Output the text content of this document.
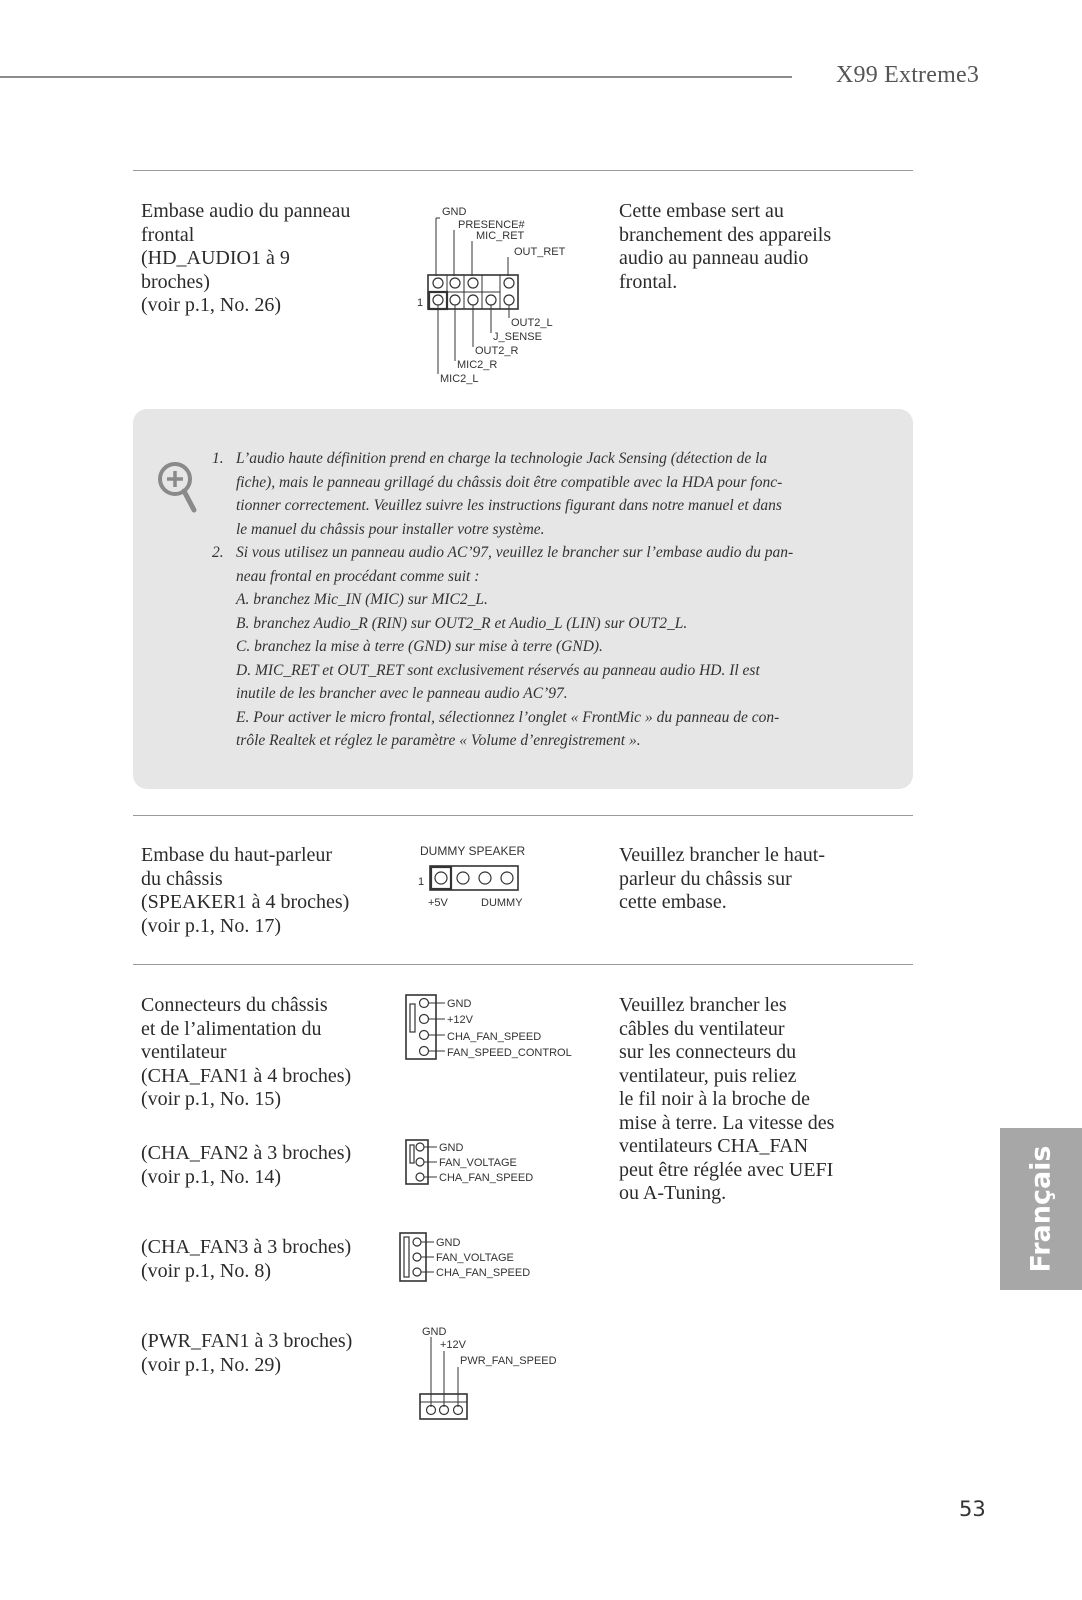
X99 Extreme3
Embase audio du panneau
frontal
(HD_AUDIO1 à 9
broches)
(voir p.1, No. 26)
GND
PRESENCE#
MIC_RET
OUT_RET
1
OUT2_L
J_SENSE
OUT2_R
MIC2_R
MIC2_L
Cette embase sert au
branchement des appareils
audio au panneau audio
frontal.
1. L’audio haute définition prend en charge la technologie Jack Sensing (détection de la
fiche), mais le panneau grillagé du châssis doit être compatible avec la HDA pour fonc-
tionner correctement. Veuillez suivre les instructions figurant dans notre manuel et dans
le manuel du châssis pour installer votre système.
2. Si vous utilisez un panneau audio AC’97, veuillez le brancher sur l’embase audio du pan-
neau frontal en procédant comme suit :
A. branchez Mic_IN (MIC) sur MIC2_L.
B. branchez Audio_R (RIN) sur OUT2_R et Audio_L (LIN) sur OUT2_L.
C. branchez la mise à terre (GND) sur mise à terre (GND).
D. MIC_RET et OUT_RET sont exclusivement réservés au panneau audio HD. Il est
inutile de les brancher avec le panneau audio AC’97.
E. Pour activer le micro frontal, sélectionnez l’onglet « FrontMic » du panneau de con-
trôle Realtek et réglez le paramètre « Volume d’enregistrement ».
Embase du haut-parleur
du châssis
(SPEAKER1 à 4 broches)
(voir p.1, No. 17)
DUMMY SPEAKER
1
+5V	DUMMY
Veuillez brancher le haut-
parleur du châssis sur
cette embase.
Connecteurs du châssis
et de l’alimentation du
ventilateur
(CHA_FAN1 à 4 broches)
(voir p.1, No. 15)
GND
+12V
CHA_FAN_SPEED
FAN_SPEED_CONTROL
Veuillez brancher les
câbles du ventilateur
sur les connecteurs du
ventilateur, puis reliez
le fil noir à la broche de
mise à terre. La vitesse des
ventilateurs CHA_FAN
peut être réglée avec UEFI
ou A-Tuning.
(CHA_FAN2 à 3 broches)
(voir p.1, No. 14)
GND
FAN_VOLTAGE
CHA_FAN_SPEED
(CHA_FAN3 à 3 broches)
(voir p.1, No. 8)
GND
FAN_VOLTAGE
CHA_FAN_SPEED
(PWR_FAN1 à 3 broches)
(voir p.1, No. 29)
GND
+12V
PWR_FAN_SPEED
Français
53
